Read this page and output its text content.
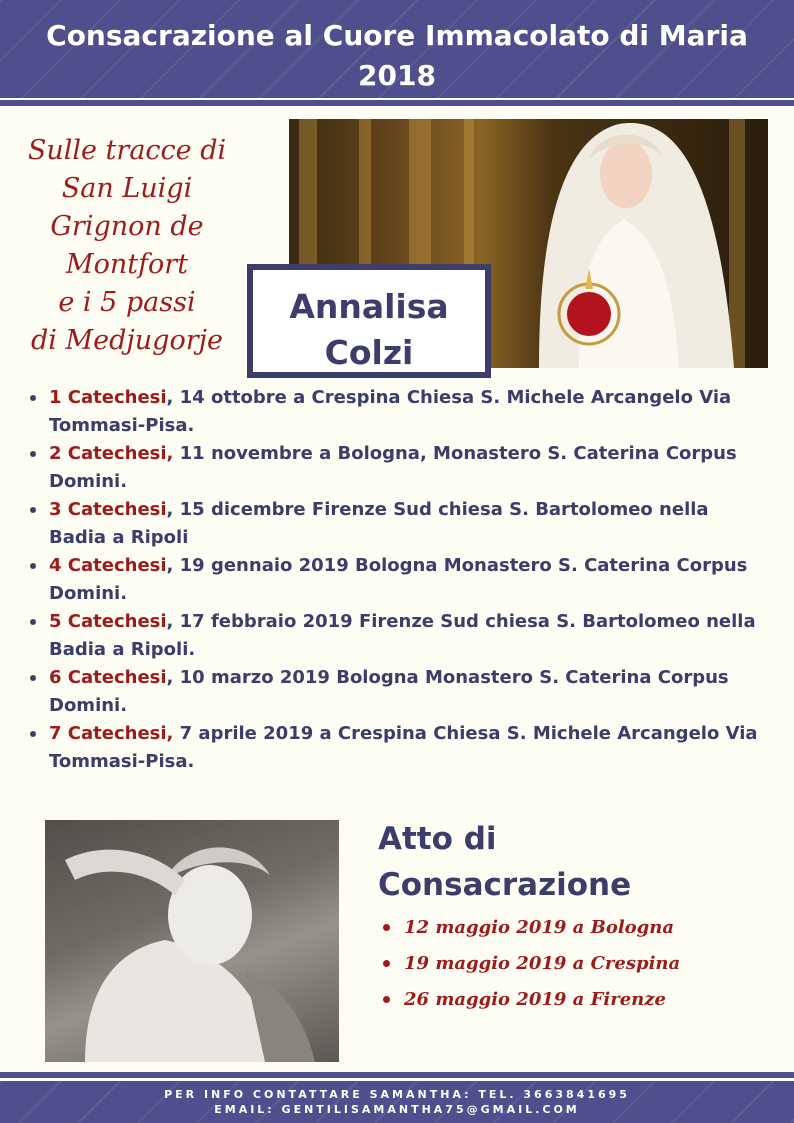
Consacrazione al Cuore Immacolato di Maria 2018
Sulle tracce di
San Luigi
Grignon de
Montfort
e i 5 passi
di Medjugorje
Annalisa
Colzi
1 Catechesi, 14 ottobre a Crespina Chiesa S. Michele Arcangelo Via Tommasi-Pisa.
2 Catechesi, 11 novembre a Bologna, Monastero S. Caterina Corpus Domini.
3 Catechesi, 15 dicembre Firenze Sud chiesa S. Bartolomeo nella Badia a Ripoli
4 Catechesi, 19 gennaio 2019 Bologna Monastero S. Caterina Corpus Domini.
5 Catechesi, 17 febbraio 2019 Firenze Sud chiesa S. Bartolomeo nella Badia a Ripoli.
6 Catechesi, 10 marzo 2019 Bologna Monastero S. Caterina Corpus Domini.
7 Catechesi, 7 aprile 2019 a Crespina Chiesa S. Michele Arcangelo Via Tommasi-Pisa.
Atto di
Consacrazione
12 maggio 2019 a Bologna
19 maggio 2019 a Crespina
26 maggio 2019 a Firenze
PER INFO CONTATTARE SAMANTHA: TEL. 3663841695
EMAIL: GENTILISAMANTHA75@GMAIL.COM
